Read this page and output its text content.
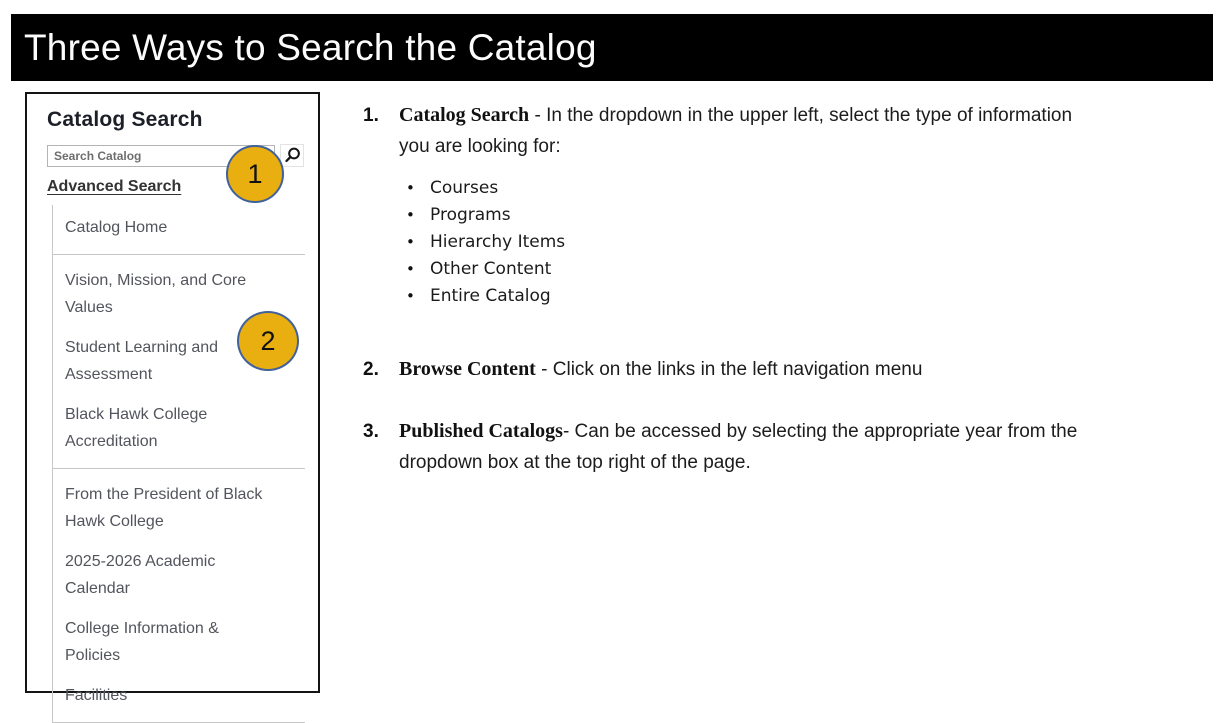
Three Ways to Search the Catalog
Catalog Search
Search Catalog
Advanced Search
Catalog Home
Vision, Mission, and Core Values
Student Learning and Assessment
Black Hawk College Accreditation
From the President of Black Hawk College
2025-2026 Academic Calendar
College Information & Policies
Facilities
1
2
1.	Catalog Search - In the dropdown in the upper left, select the type of information you are looking for:
• Courses
• Programs
• Hierarchy Items
• Other Content
• Entire Catalog
2.	Browse Content - Click on the links in the left navigation menu
3.	Published Catalogs- Can be accessed by selecting the appropriate year from the dropdown box at the top right of the page.
